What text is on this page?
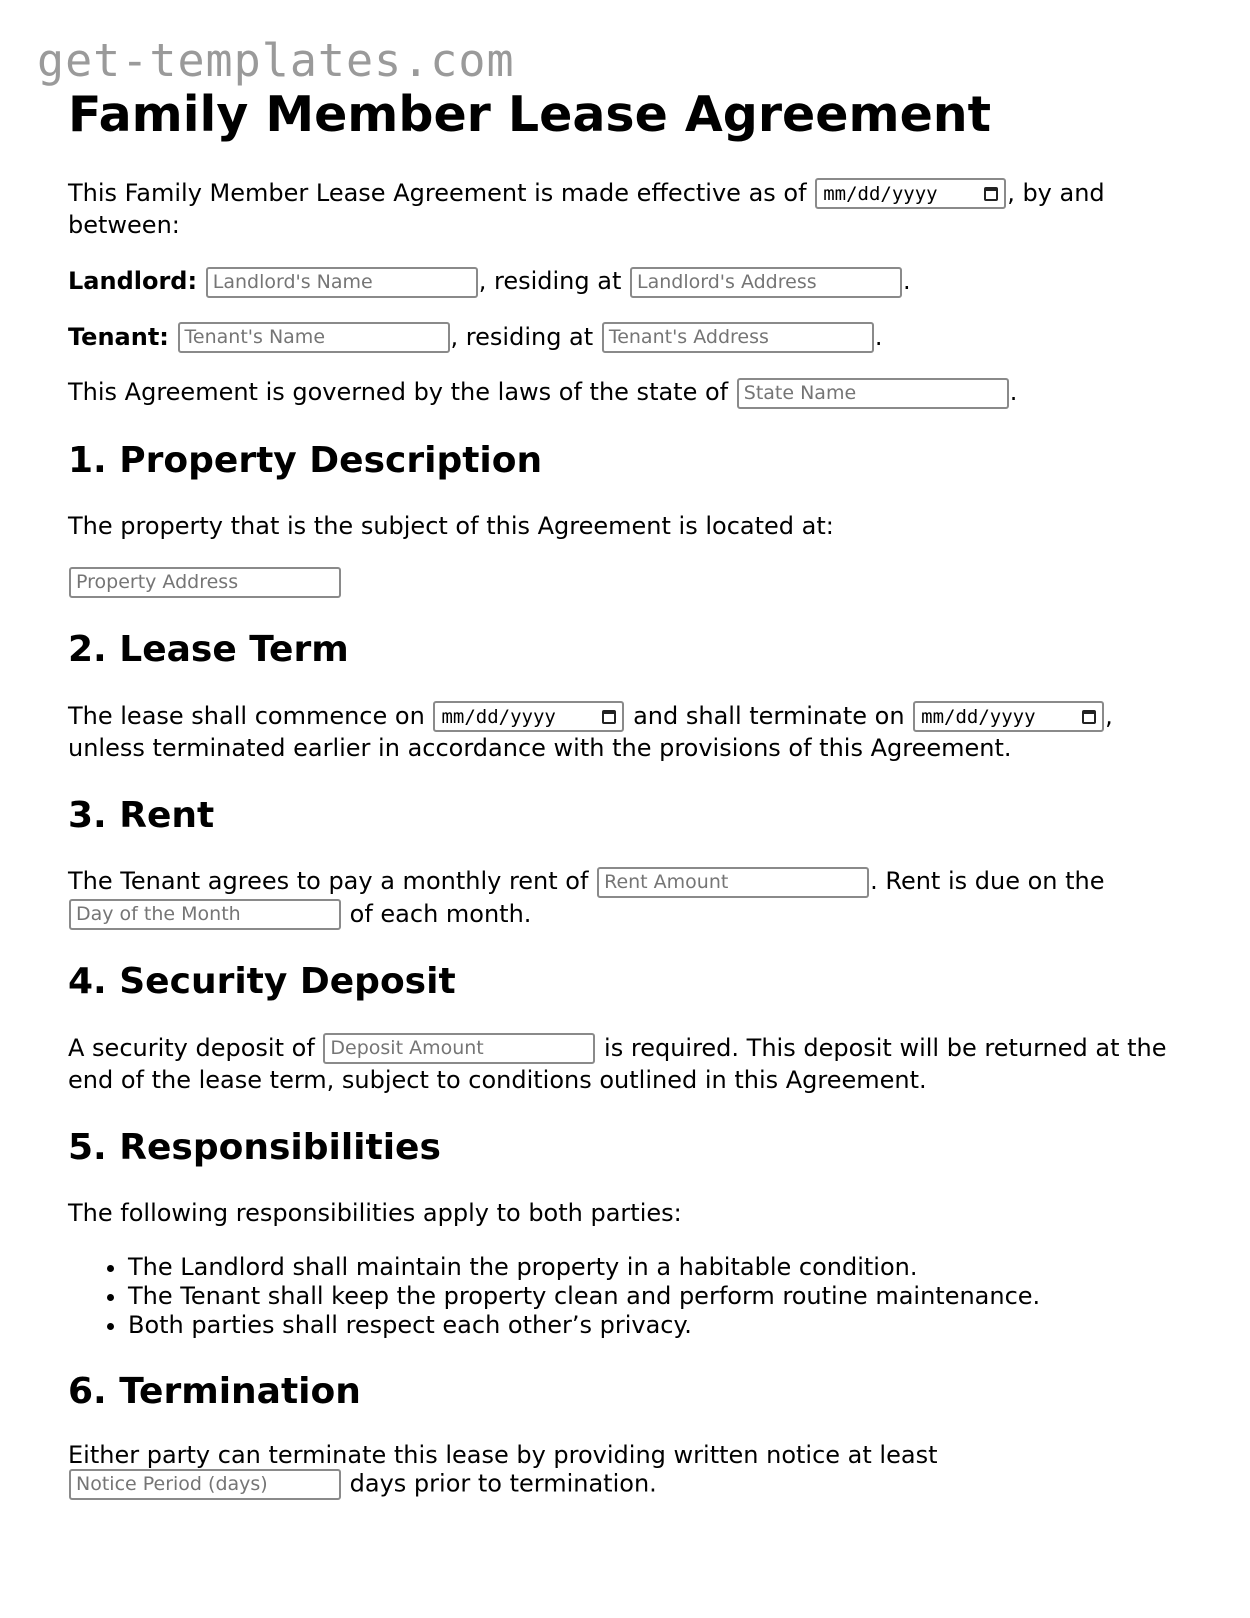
get-templates.com
Family Member Lease Agreement

This Family Member Lease Agreement is made effective as of mm/dd/yyyy	, by and between:

Landlord: Landlord's Name	, residing at Landlord's Address	.

Tenant: Tenant's Name	, residing at Tenant's Address	.

This Agreement is governed by the laws of the state of State Name	.

1. Property Description

The property that is the subject of this Agreement is located at:

Property Address

2. Lease Term

The lease shall commence on mm/dd/yyyy	and shall terminate on mm/dd/yyyy	, unless terminated earlier in accordance with the provisions of this Agreement.

3. Rent

The Tenant agrees to pay a monthly rent of Rent Amount	. Rent is due on the Day of the Month	of each month.

4. Security Deposit

A security deposit of Deposit Amount	is required. This deposit will be returned at the end of the lease term, subject to conditions outlined in this Agreement.

5. Responsibilities

The following responsibilities apply to both parties:

• The Landlord shall maintain the property in a habitable condition.
• The Tenant shall keep the property clean and perform routine maintenance.
• Both parties shall respect each other’s privacy.
6. Termination

Either party can terminate this lease by providing written notice at least Notice Period (days)	days prior to termination.
